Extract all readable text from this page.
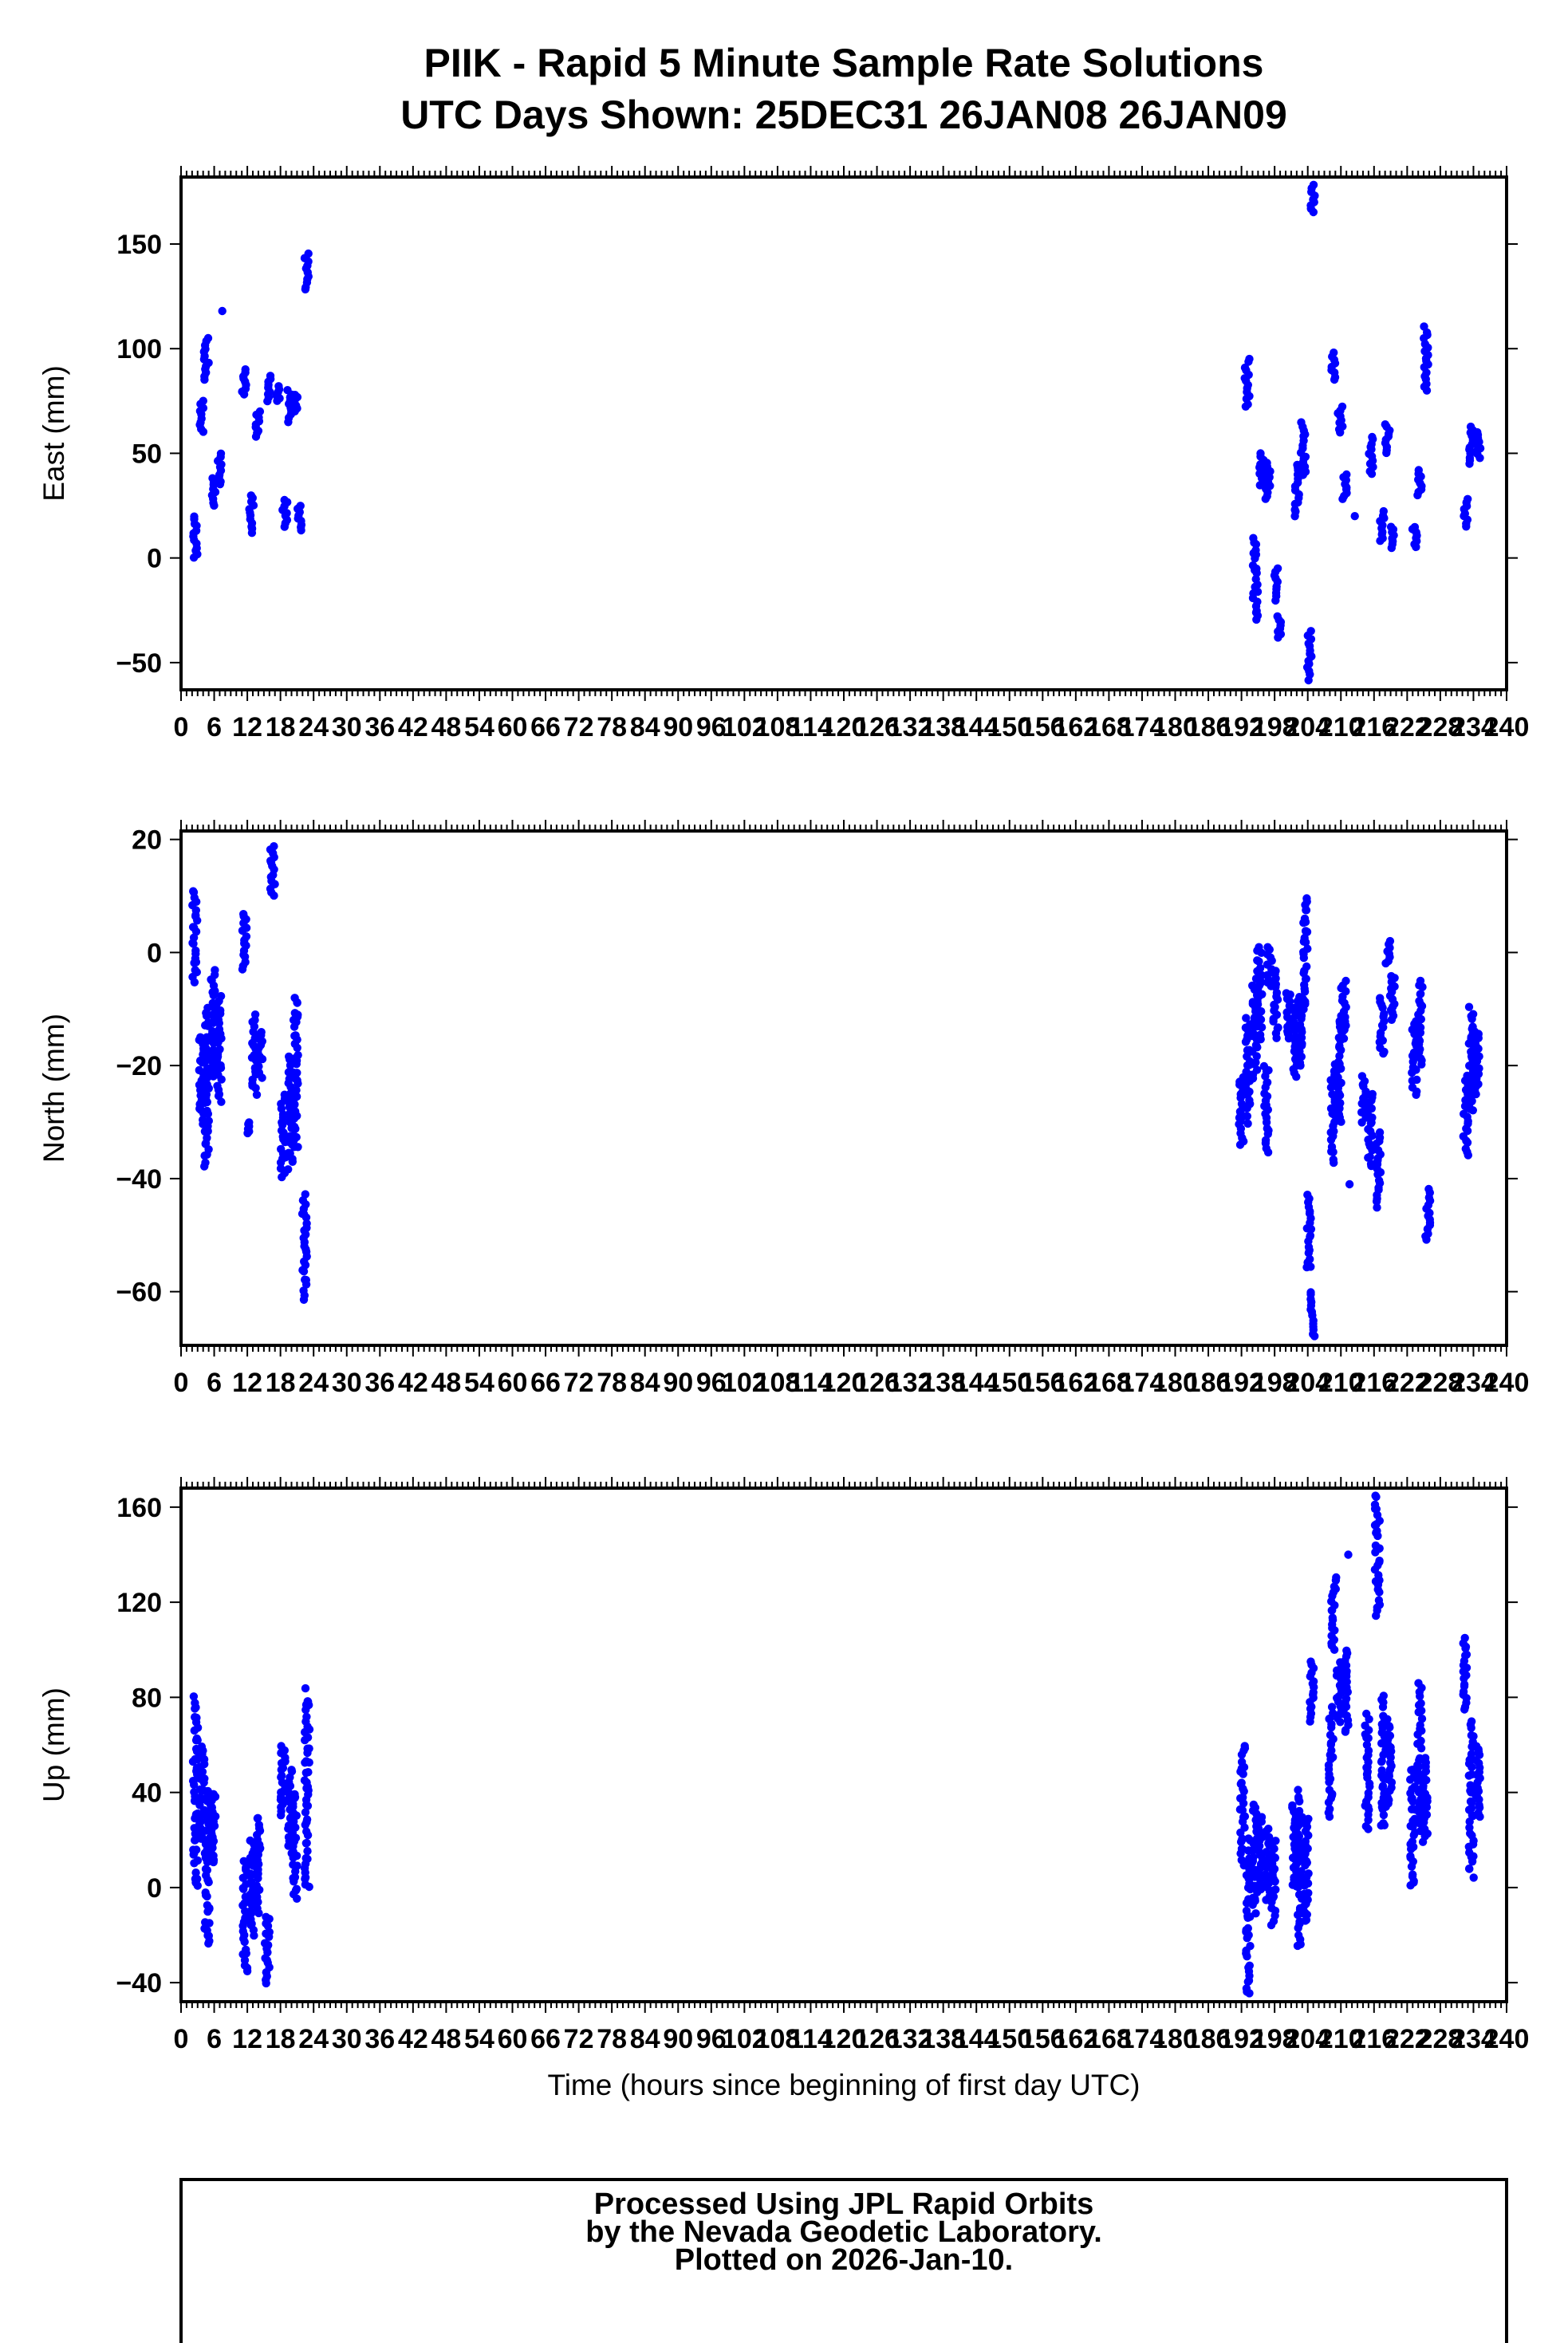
PIIK - Rapid 5 Minute Sample Rate Solutions
UTC Days Shown: 25DEC31 26JAN08 26JAN09
0 6 12 18 24 30 36 42 48 54 60 66 72 78 84 90 96
102
108
114
120
126
132
138
144
150
156
162
168
174
180
186
192
198
204
210
216
222
228
234
240
−50
0
50
100
150
East (mm)
0 6 12 18 24 30 36 42 48 54 60 66 72 78 84 90 96
102
108
114
120
126
132
138
144
150
156
162
168
174
180
186
192
198
204
210
216
222
228
234
240
−60
−40
−20
0
20
North (mm)
0 6 12 18 24 30 36 42 48 54 60 66 72 78 84 90 96
102
108
114
120
126
132
138
144
150
156
162
168
174
180
186
192
198
204
210
216
222
228
234
240
−40
0
40
80
120
160
Up (mm)
Time (hours since beginning of first day UTC)
Processed Using JPL Rapid Orbits
by the Nevada Geodetic Laboratory.
Plotted on 2026-Jan-10.
